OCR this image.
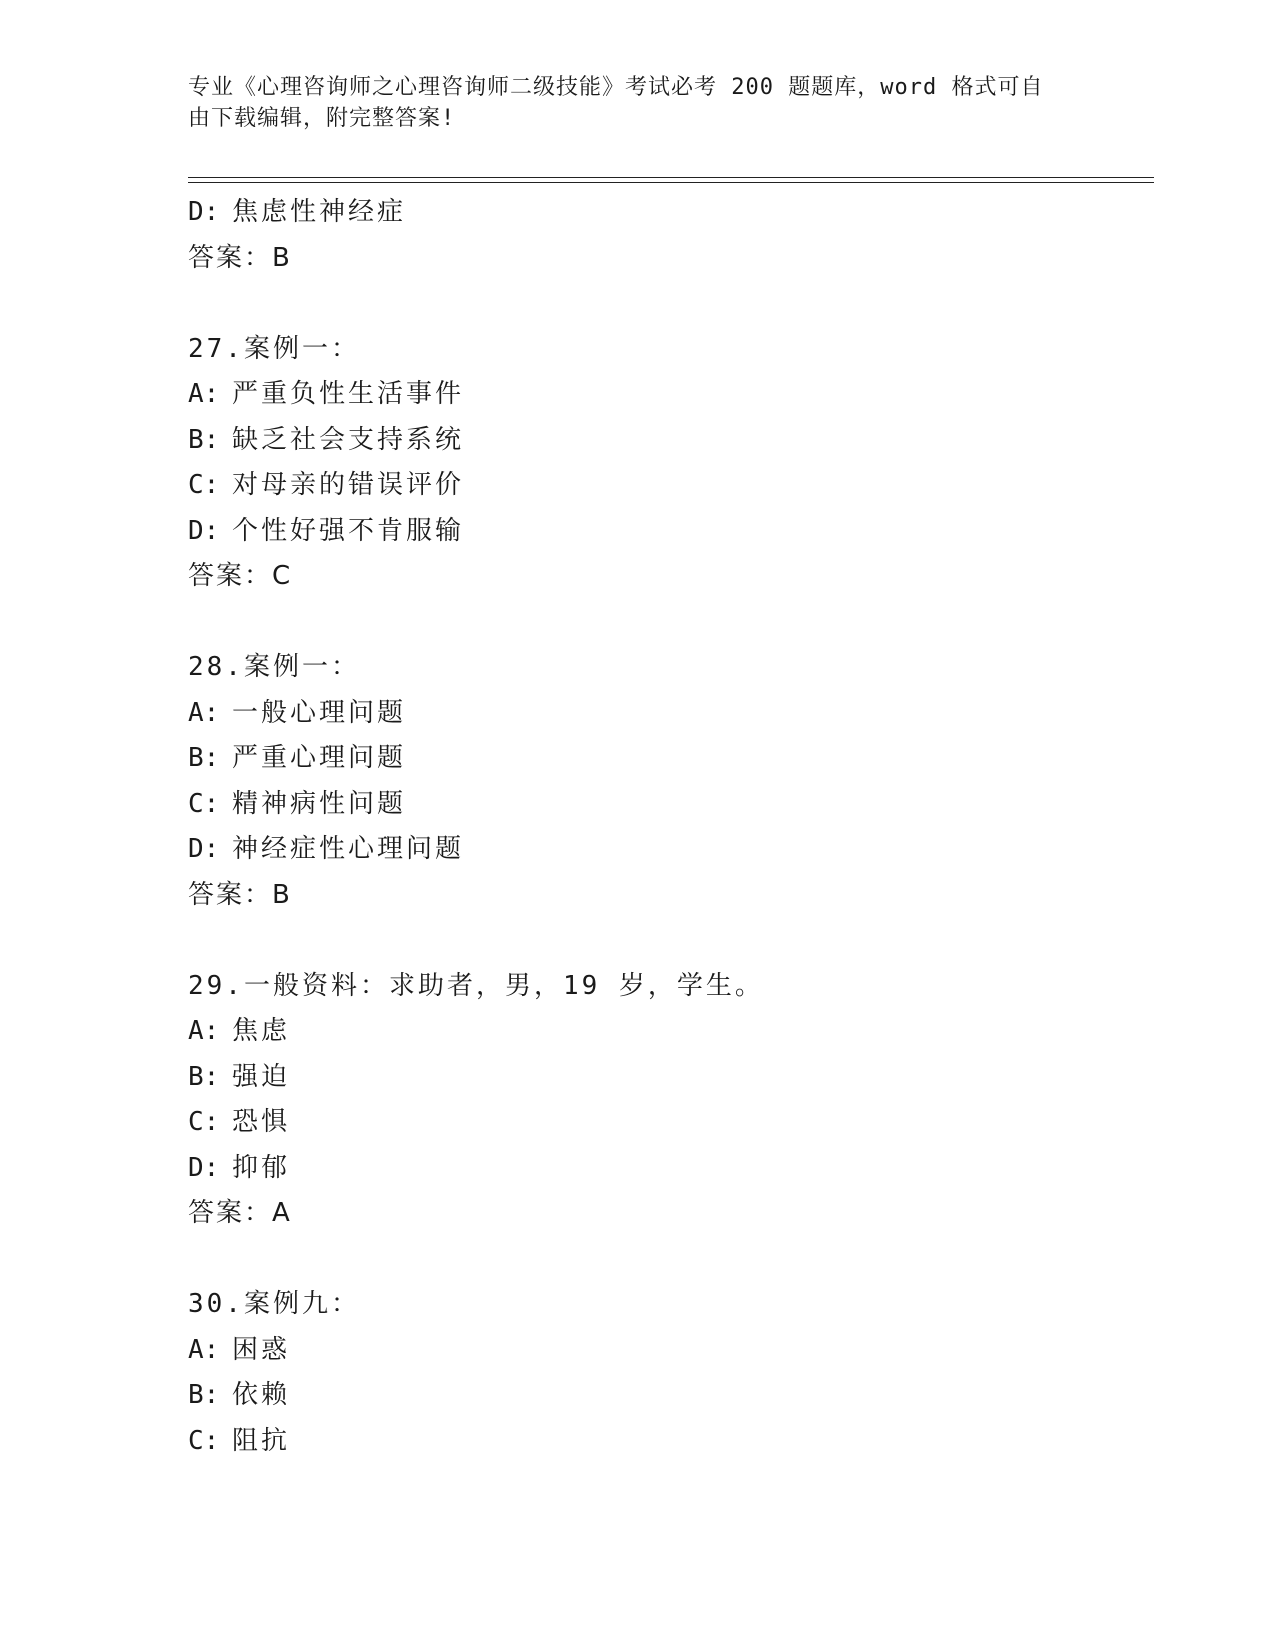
专业《心理咨询师之心理咨询师二级技能》考试必考 200 题题库，word 格式可自
由下载编辑，附完整答案!
D: 焦虑性神经症
答案：B
27.案例一：
A: 严重负性生活事件
B: 缺乏社会支持系统
C: 对母亲的错误评价
D: 个性好强不肯服输
答案：C
28.案例一：
A: 一般心理问题
B: 严重心理问题
C: 精神病性问题
D: 神经症性心理问题
答案：B
29.一般资料：求助者，男，19 岁，学生。
A: 焦虑
B: 强迫
C: 恐惧
D: 抑郁
答案：A
30.案例九：
A: 困惑
B: 依赖
C: 阻抗
